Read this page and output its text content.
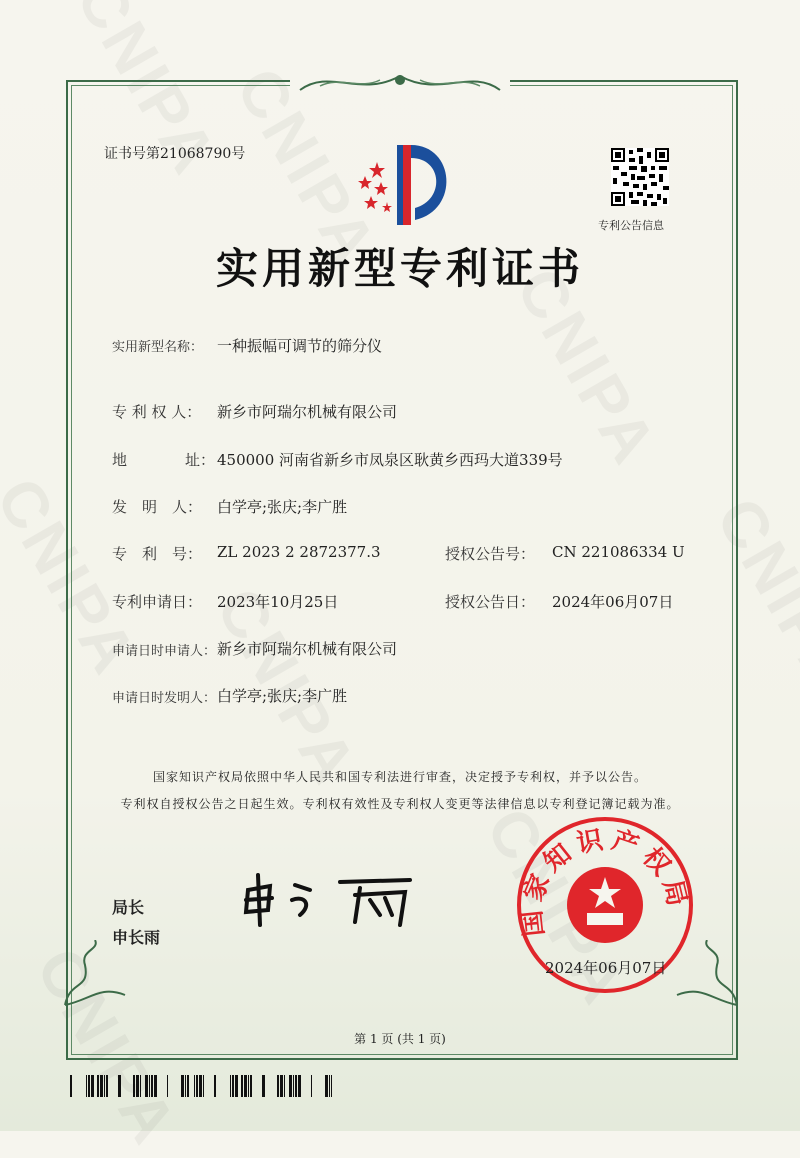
证书号第21068790号
专利公告信息
实用新型专利证书
实用新型名称： 一种振幅可调节的筛分仪
专 利 权 人： 新乡市阿瑞尔机械有限公司
地	址： 450000 河南省新乡市凤泉区耿黄乡西玛大道339号
发　明　人： 白学亭;张庆;李广胜
专　利　号： ZL 2023 2 2872377.3	授权公告号： CN 221086334 U
专利申请日： 2023年10月25日	授权公告日： 2024年06月07日
申请日时申请人： 新乡市阿瑞尔机械有限公司
申请日时发明人： 白学亭;张庆;李广胜
国家知识产权局依照中华人民共和国专利法进行审查，决定授予专利权，并予以公告。
专利权自授权公告之日起生效。专利权有效性及专利权人变更等法律信息以专利登记簿记载为准。
局长
申长雨	国家知识产权局
2024年06月07日
第 1 页 (共 1 页)
